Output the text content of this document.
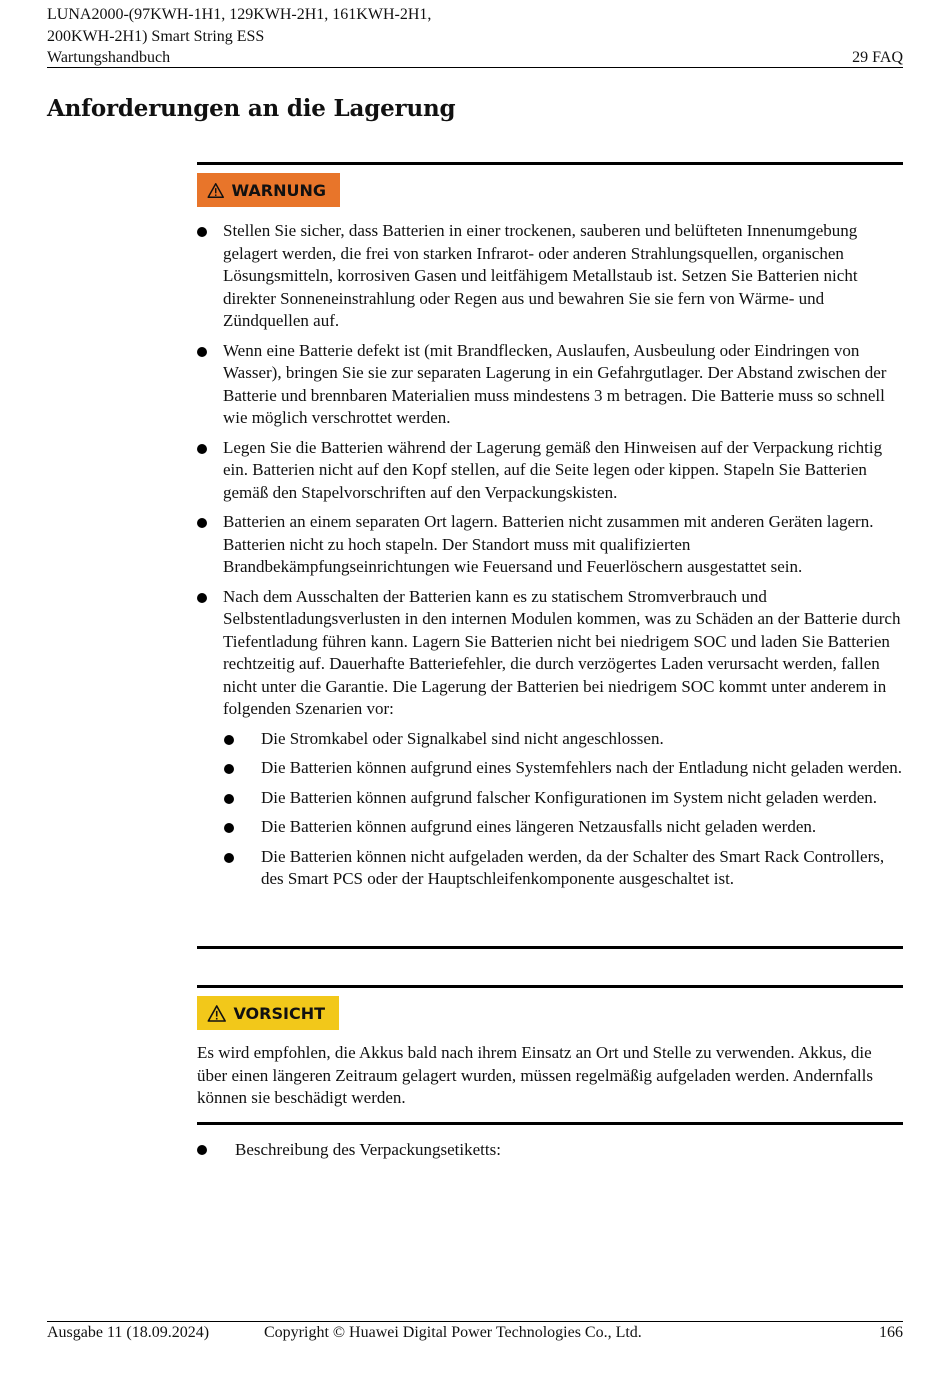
LUNA2000-(97KWH-1H1, 129KWH-2H1, 161KWH-2H1,
200KWH-2H1) Smart String ESS
Wartungshandbuch	29 FAQ
Anforderungen an die Lagerung
WARNUNG
Stellen Sie sicher, dass Batterien in einer trockenen, sauberen und belüfteten Innenumgebung gelagert werden, die frei von starken Infrarot- oder anderen Strahlungsquellen, organischen Lösungsmitteln, korrosiven Gasen und leitfähigem Metallstaub ist. Setzen Sie Batterien nicht direkter Sonneneinstrahlung oder Regen aus und bewahren Sie sie fern von Wärme- und Zündquellen auf.
Wenn eine Batterie defekt ist (mit Brandflecken, Auslaufen, Ausbeulung oder Eindringen von Wasser), bringen Sie sie zur separaten Lagerung in ein Gefahrgutlager. Der Abstand zwischen der Batterie und brennbaren Materialien muss mindestens 3 m betragen. Die Batterie muss so schnell wie möglich verschrottet werden.
Legen Sie die Batterien während der Lagerung gemäß den Hinweisen auf der Verpackung richtig ein. Batterien nicht auf den Kopf stellen, auf die Seite legen oder kippen. Stapeln Sie Batterien gemäß den Stapelvorschriften auf den Verpackungskisten.
Batterien an einem separaten Ort lagern. Batterien nicht zusammen mit anderen Geräten lagern. Batterien nicht zu hoch stapeln. Der Standort muss mit qualifizierten Brandbekämpfungseinrichtungen wie Feuersand und Feuerlöschern ausgestattet sein.
Nach dem Ausschalten der Batterien kann es zu statischem Stromverbrauch und Selbstentladungsverlusten in den internen Modulen kommen, was zu Schäden an der Batterie durch Tiefentladung führen kann. Lagern Sie Batterien nicht bei niedrigem SOC und laden Sie Batterien rechtzeitig auf. Dauerhafte Batteriefehler, die durch verzögertes Laden verursacht werden, fallen nicht unter die Garantie. Die Lagerung der Batterien bei niedrigem SOC kommt unter anderem in folgenden Szenarien vor:
Die Stromkabel oder Signalkabel sind nicht angeschlossen.
Die Batterien können aufgrund eines Systemfehlers nach der Entladung nicht geladen werden.
Die Batterien können aufgrund falscher Konfigurationen im System nicht geladen werden.
Die Batterien können aufgrund eines längeren Netzausfalls nicht geladen werden.
Die Batterien können nicht aufgeladen werden, da der Schalter des Smart Rack Controllers, des Smart PCS oder der Hauptschleifenkomponente ausgeschaltet ist.
VORSICHT
Es wird empfohlen, die Akkus bald nach ihrem Einsatz an Ort und Stelle zu verwenden. Akkus, die über einen längeren Zeitraum gelagert wurden, müssen regelmäßig aufgeladen werden. Andernfalls können sie beschädigt werden.
Beschreibung des Verpackungsetiketts:
Ausgabe 11 (18.09.2024)	Copyright © Huawei Digital Power Technologies Co., Ltd.	166
